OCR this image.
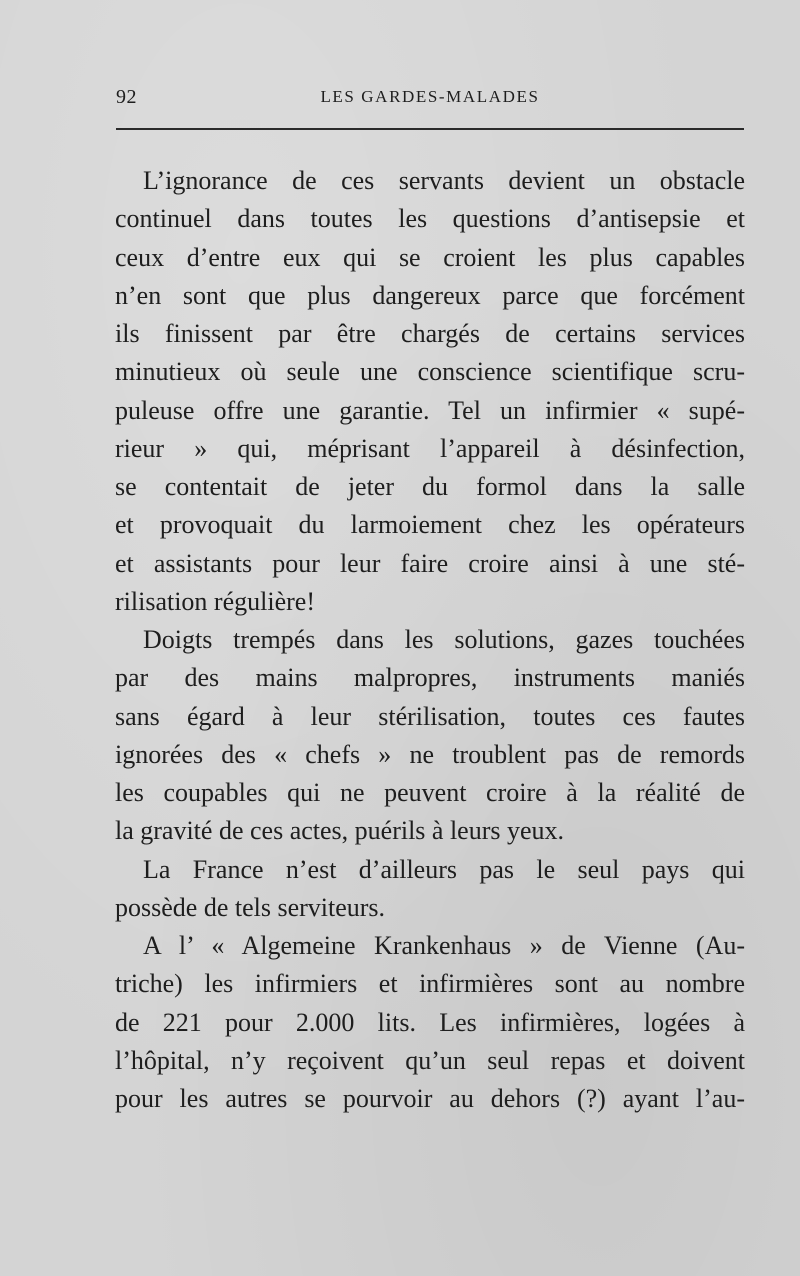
92	LES GARDES-MALADES
L’ignorance de ces servants devient un obstacle
continuel dans toutes les questions d’antisepsie et
ceux d’entre eux qui se croient les plus capables
n’en sont que plus dangereux parce que forcément
ils finissent par être chargés de certains services
minutieux où seule une conscience scientifique scru-
puleuse offre une garantie. Tel un infirmier « supé-
rieur » qui, méprisant l’appareil à désinfection,
se contentait de jeter du formol dans la salle
et provoquait du larmoiement chez les opérateurs
et assistants pour leur faire croire ainsi à une sté-
rilisation régulière!
Doigts trempés dans les solutions, gazes touchées
par des mains malpropres, instruments maniés
sans égard à leur stérilisation, toutes ces fautes
ignorées des « chefs » ne troublent pas de remords
les coupables qui ne peuvent croire à la réalité de
la gravité de ces actes, puérils à leurs yeux.
La France n’est d’ailleurs pas le seul pays qui
possède de tels serviteurs.
A l’ « Algemeine Krankenhaus » de Vienne (Au-
triche) les infirmiers et infirmières sont au nombre
de 221 pour 2.000 lits. Les infirmières, logées à
l’hôpital, n’y reçoivent qu’un seul repas et doivent
pour les autres se pourvoir au dehors (?) ayant l’au-
